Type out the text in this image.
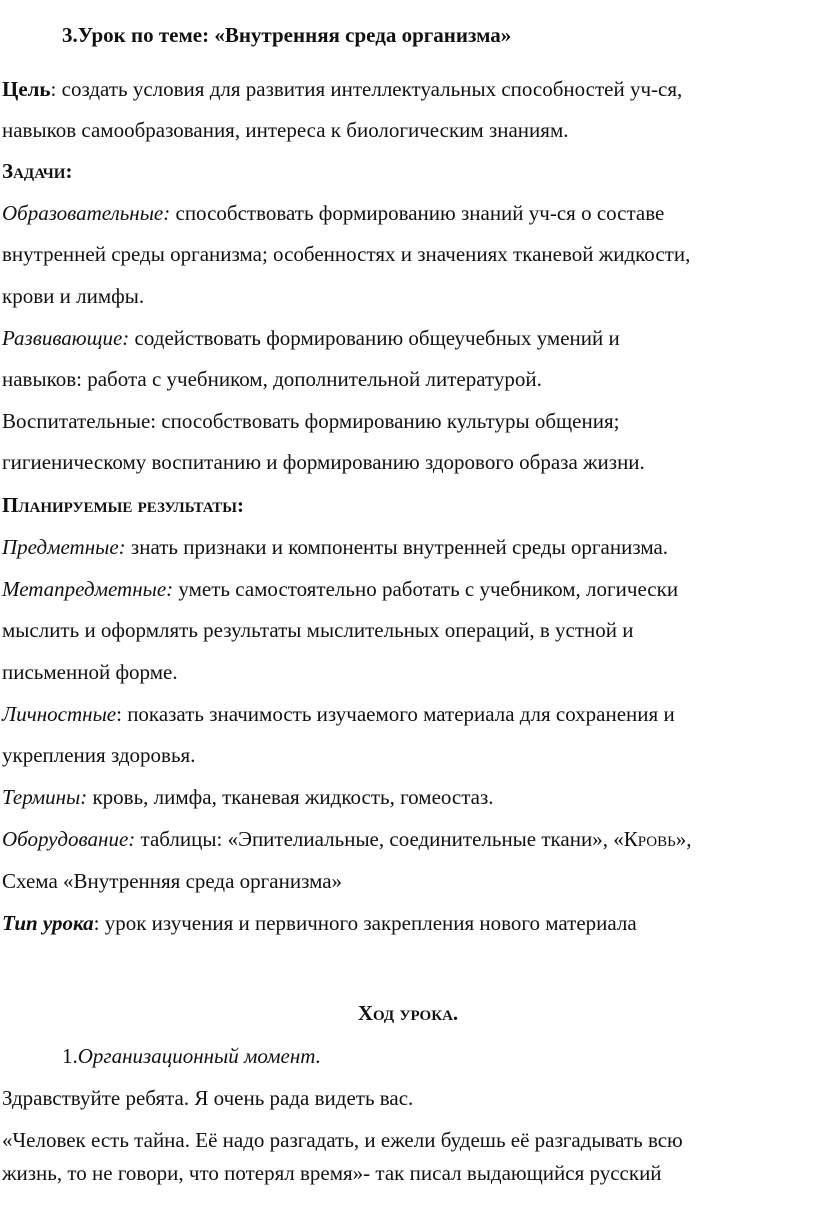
3.Урок по теме: «Внутренняя среда организма»
Цель: создать условия для развития интеллектуальных способностей уч-ся,
навыков самообразования, интереса к биологическим знаниям.
Задачи:
Образовательные: способствовать формированию знаний уч-ся о составе
внутренней среды организма; особенностях и значениях тканевой жидкости,
крови и лимфы.
Развивающие: содействовать формированию общеучебных умений и
навыков: работа с учебником, дополнительной литературой.
Воспитательные: способствовать формированию культуры общения;
гигиеническому воспитанию и формированию здорового образа жизни.
Планируемые результаты:
Предметные: знать признаки и компоненты внутренней среды организма.
Метапредметные: уметь самостоятельно работать с учебником, логически
мыслить и оформлять результаты мыслительных операций, в устной и
письменной форме.
Личностные: показать значимость изучаемого материала для сохранения и
укрепления здоровья.
Термины: кровь, лимфа, тканевая жидкость, гомеостаз.
Оборудование: таблицы: «Эпителиальные, соединительные ткани», «Кровь»,
Схема «Внутренняя среда организма»
Тип урока: урок изучения и первичного закрепления нового материала
Ход урока.
1.Организационный момент.
Здравствуйте ребята. Я очень рада видеть вас.
«Человек есть тайна. Её надо разгадать, и ежели будешь её разгадывать всю
жизнь, то не говори, что потерял время»- так писал выдающийся русский
